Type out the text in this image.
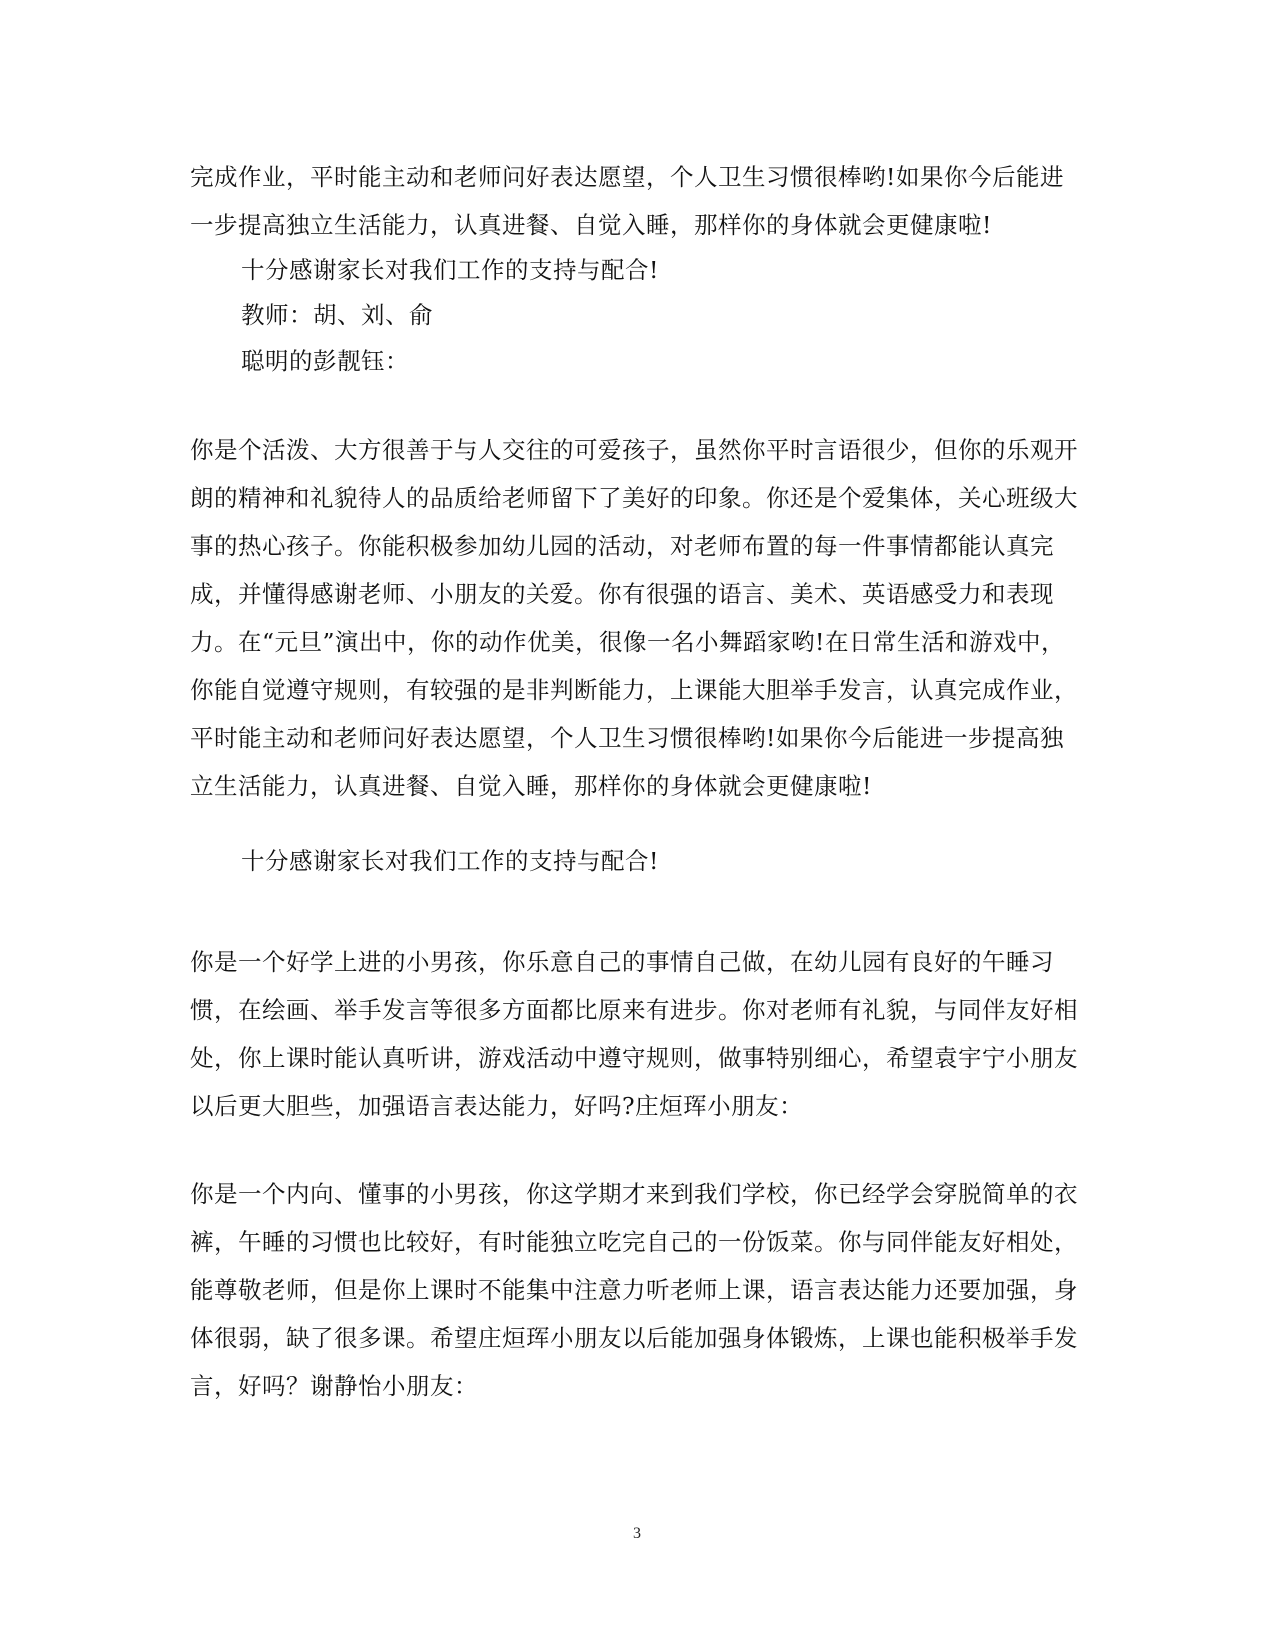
完成作业，平时能主动和老师问好表达愿望，个人卫生习惯很棒哟!如果你今后能进一步提高独立生活能力，认真进餐、自觉入睡，那样你的身体就会更健康啦!
十分感谢家长对我们工作的支持与配合!
教师：胡、刘、俞
聪明的彭靓钰：
你是个活泼、大方很善于与人交往的可爱孩子，虽然你平时言语很少，但你的乐观开朗的精神和礼貌待人的品质给老师留下了美好的印象。你还是个爱集体，关心班级大事的热心孩子。你能积极参加幼儿园的活动，对老师布置的每一件事情都能认真完成，并懂得感谢老师、小朋友的关爱。你有很强的语言、美术、英语感受力和表现力。在“元旦”演出中，你的动作优美，很像一名小舞蹈家哟!在日常生活和游戏中，你能自觉遵守规则，有较强的是非判断能力，上课能大胆举手发言，认真完成作业，平时能主动和老师问好表达愿望，个人卫生习惯很棒哟!如果你今后能进一步提高独立生活能力，认真进餐、自觉入睡，那样你的身体就会更健康啦!
十分感谢家长对我们工作的支持与配合!
你是一个好学上进的小男孩，你乐意自己的事情自己做，在幼儿园有良好的午睡习惯，在绘画、举手发言等很多方面都比原来有进步。你对老师有礼貌，与同伴友好相处，你上课时能认真听讲，游戏活动中遵守规则，做事特别细心，希望袁宇宁小朋友以后更大胆些，加强语言表达能力，好吗?庄烜珲小朋友：
你是一个内向、懂事的小男孩，你这学期才来到我们学校，你已经学会穿脱简单的衣裤，午睡的习惯也比较好，有时能独立吃完自己的一份饭菜。你与同伴能友好相处，能尊敬老师，但是你上课时不能集中注意力听老师上课，语言表达能力还要加强，身体很弱，缺了很多课。希望庄烜珲小朋友以后能加强身体锻炼，上课也能积极举手发言，好吗？谢静怡小朋友：
3
